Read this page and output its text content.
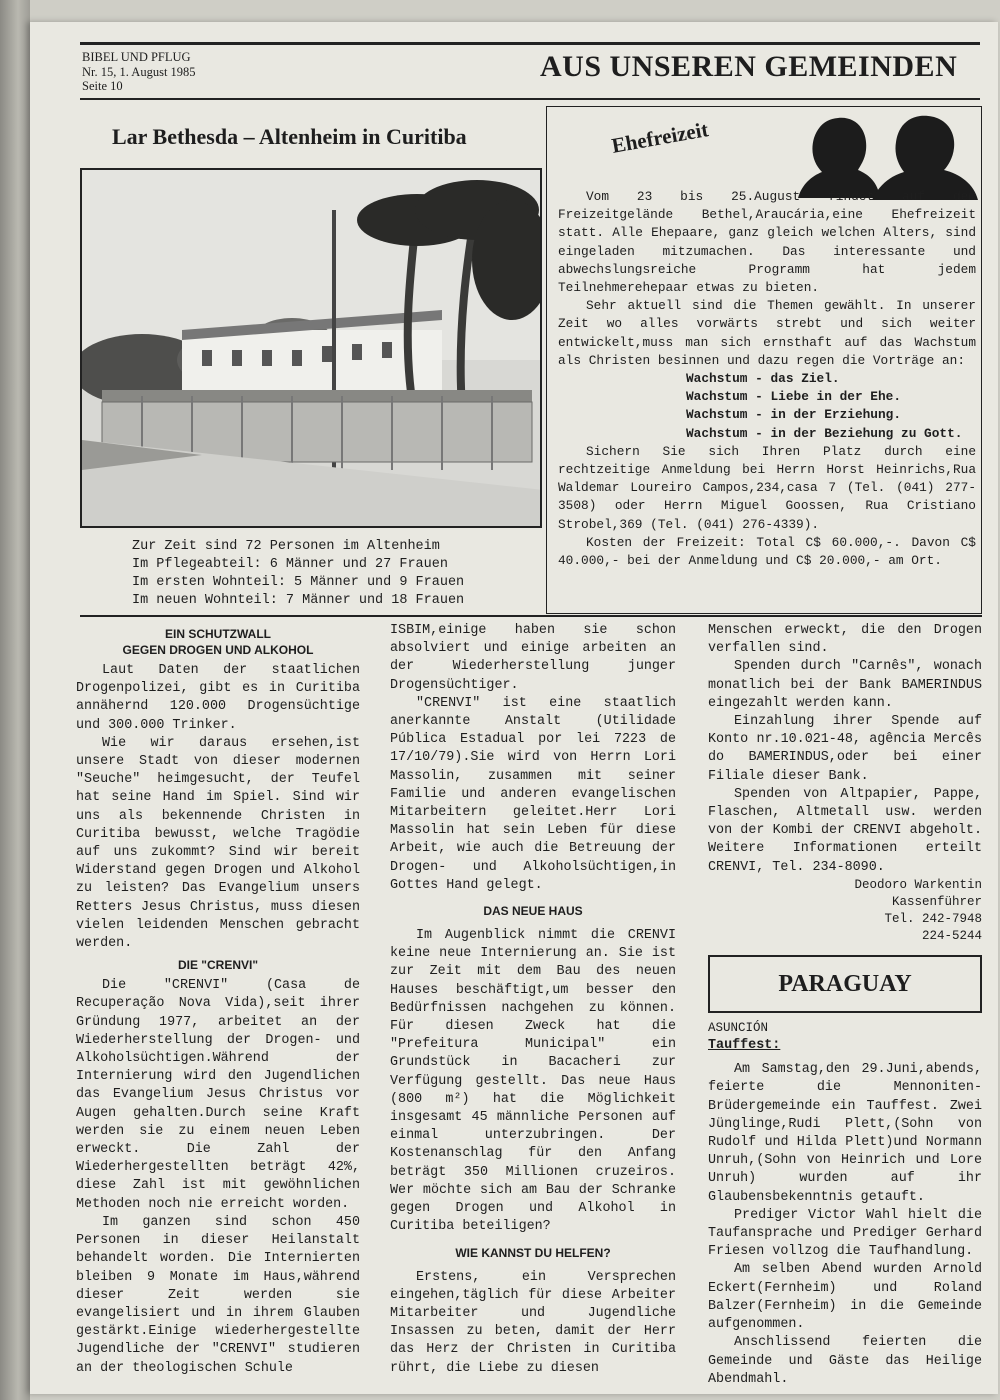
BIBEL UND PFLUG
Nr. 15, 1. August 1985
Seite 10
AUS UNSEREN GEMEINDEN
Lar Bethesda – Altenheim in Curitiba
Zur Zeit sind 72 Personen im Altenheim
Im Pflegeabteil: 6 Männer und 27 Frauen
Im ersten Wohnteil: 5 Männer und 9 Frauen
Im neuen Wohnteil: 7 Männer und 18 Frauen
Ehefreizeit

Vom 23 bis 25.August findet auf dem Freizeitgelände Bethel,Araucária,eine Ehefreizeit statt. Alle Ehepaare, ganz gleich welchen Alters, sind eingeladen mitzumachen. Das interessante und abwechslungsreiche Programm hat jedem Teilnehmerehepaar etwas zu bieten.

Sehr aktuell sind die Themen gewählt. In unserer Zeit wo alles vorwärts strebt und sich weiter entwickelt,muss man sich ernsthaft auf das Wachstum als Christen besinnen und dazu regen die Vorträge an:

Wachstum - das Ziel.
Wachstum - Liebe in der Ehe.
Wachstum - in der Erziehung.
Wachstum - in der Beziehung zu Gott.

Sichern Sie sich Ihren Platz durch eine rechtzeitige Anmeldung bei Herrn Horst Heinrichs,Rua Waldemar Loureiro Campos,234,casa 7 (Tel. (041) 277-3508) oder Herrn Miguel Goossen, Rua Cristiano Strobel,369 (Tel. (041) 276-4339).

Kosten der Freizeit: Total C$ 60.000,-. Davon C$ 40.000,- bei der Anmeldung und C$ 20.000,- am Ort.

EIN SCHUTZWALL
GEGEN DROGEN UND ALKOHOL

Laut Daten der staatlichen Drogenpolizei, gibt es in Curitiba annähernd 120.000 Drogensüchtige und 300.000 Trinker.

Wie wir daraus ersehen,ist unsere Stadt von dieser modernen "Seuche" heimgesucht, der Teufel hat seine Hand im Spiel. Sind wir uns als bekennende Christen in Curitiba bewusst, welche Tragödie auf uns zukommt? Sind wir bereit Widerstand gegen Drogen und Alkohol zu leisten? Das Evangelium unsers Retters Jesus Christus, muss diesen vielen leidenden Menschen gebracht werden.

DIE "CRENVI"

Die "CRENVI" (Casa de Recuperação Nova Vida),seit ihrer Gründung 1977, arbeitet an der Wiederherstellung der Drogen- und Alkoholsüchtigen.Während der Internierung wird den Jugendlichen das Evangelium Jesus Christus vor Augen gehalten.Durch seine Kraft werden sie zu einem neuen Leben erweckt. Die Zahl der Wiederhergestellten beträgt 42%, diese Zahl ist mit gewöhnlichen Methoden noch nie erreicht worden.

Im ganzen sind schon 450 Personen in dieser Heilanstalt behandelt worden. Die Internierten bleiben 9 Monate im Haus,während dieser Zeit werden sie evangelisiert und in ihrem Glauben gestärkt.Einige wiederhergestellte Jugendliche der "CRENVI" studieren an der theologischen Schule

ISBIM,einige haben sie schon absolviert und einige arbeiten an der Wiederherstellung junger Drogensüchtiger.

"CRENVI" ist eine staatlich anerkannte Anstalt (Utilidade Pública Estadual por lei 7223 de 17/10/79).Sie wird von Herrn Lori Massolin, zusammen mit seiner Familie und anderen evangelischen Mitarbeitern geleitet.Herr Lori Massolin hat sein Leben für diese Arbeit, wie auch die Betreuung der Drogen- und Alkoholsüchtigen,in Gottes Hand gelegt.

DAS NEUE HAUS

Im Augenblick nimmt die CRENVI keine neue Internierung an. Sie ist zur Zeit mit dem Bau des neuen Hauses beschäftigt,um besser den Bedürfnissen nachgehen zu können. Für diesen Zweck hat die "Prefeitura Municipal" ein Grundstück in Bacacheri zur Verfügung gestellt. Das neue Haus (800 m²) hat die Möglichkeit insgesamt 45 männliche Personen auf einmal unterzubringen. Der Kostenanschlag für den Anfang beträgt 350 Millionen cruzeiros. Wer möchte sich am Bau der Schranke gegen Drogen und Alkohol in Curitiba beteiligen?

WIE KANNST DU HELFEN?

Erstens, ein Versprechen eingehen,täglich für diese Arbeiter Mitarbeiter und Jugendliche Insassen zu beten, damit der Herr das Herz der Christen in Curitiba rührt, die Liebe zu diesen

Menschen erweckt, die den Drogen verfallen sind.

Spenden durch "Carnês", wonach monatlich bei der Bank BAMERINDUS eingezahlt werden kann.

Einzahlung ihrer Spende auf Konto nr.10.021-48, agência Mercês do BAMERINDUS,oder bei einer Filiale dieser Bank.

Spenden von Altpapier, Pappe, Flaschen, Altmetall usw. werden von der Kombi der CRENVI abgeholt. Weitere Informationen erteilt CRENVI, Tel. 234-8090.

Deodoro Warkentin

Kassenführer

Tel. 242-7948

224-5244

PARAGUAY

ASUNCIÓN

Tauffest:

Am Samstag,den 29.Juni,abends, feierte die Mennoniten-Brüdergemeinde ein Tauffest. Zwei Jünglinge,Rudi Plett,(Sohn von Rudolf und Hilda Plett)und Normann Unruh,(Sohn von Heinrich und Lore Unruh) wurden auf ihr Glaubensbekenntnis getauft.

Prediger Victor Wahl hielt die Taufansprache und Prediger Gerhard Friesen vollzog die Taufhandlung.

Am selben Abend wurden Arnold Eckert(Fernheim) und Roland Balzer(Fernheim) in die Gemeinde aufgenommen.

Anschlissend feierten die Gemeinde und Gäste das Heilige Abendmahl.
